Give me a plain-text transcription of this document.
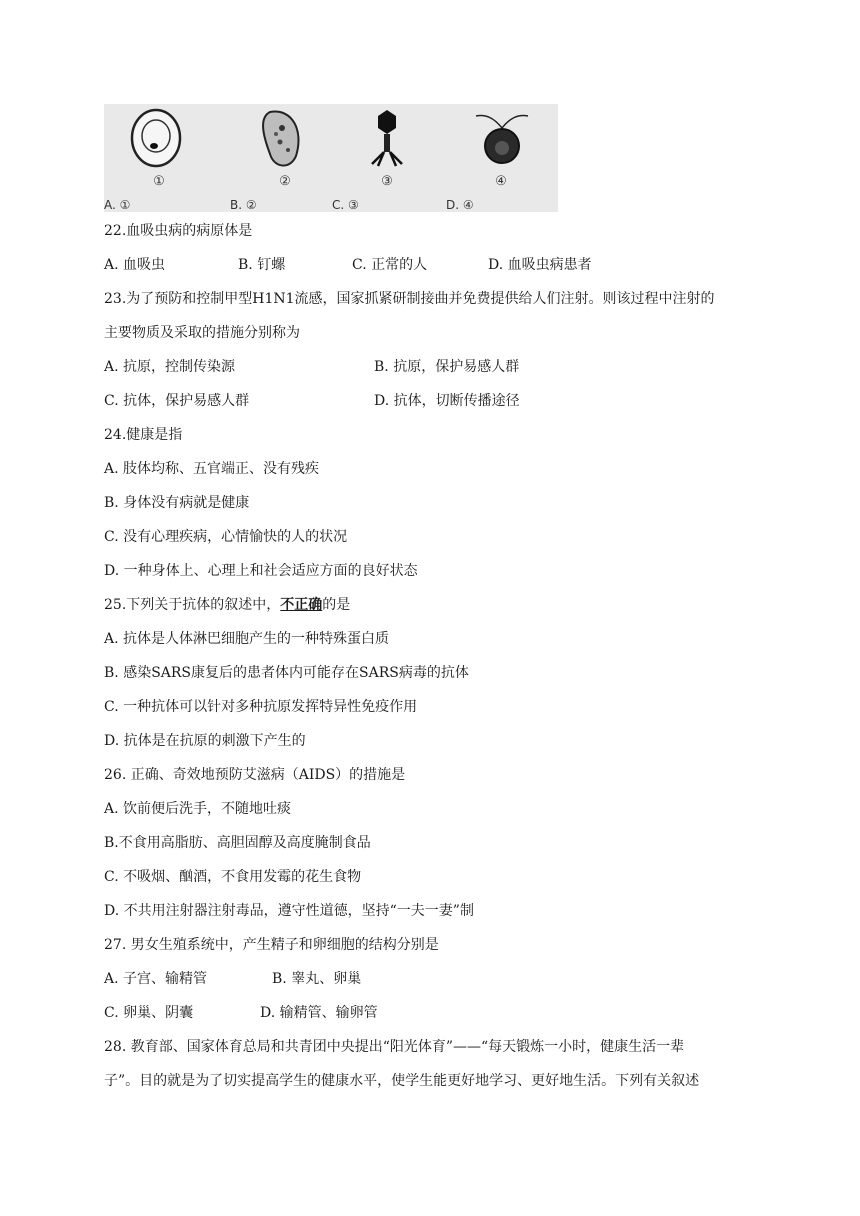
①
A. ①
②
B. ②
③
C. ③
④
D. ④
22.血吸虫病的病原体是
A. 血吸虫	B. 钉螺	C. 正常的人	D. 血吸虫病患者
23.为了预防和控制甲型H1N1流感，国家抓紧研制接曲并免费提供给人们注射。则该过程中注射的
主要物质及采取的措施分别称为
A. 抗原，控制传染源	B. 抗原，保护易感人群
C. 抗体，保护易感人群	D. 抗体，切断传播途径
24.健康是指
A. 肢体均称、五官端正、没有残疾
B. 身体没有病就是健康
C. 没有心理疾病，心情愉快的人的状况
D. 一种身体上、心理上和社会适应方面的良好状态
25.下列关于抗体的叙述中，不正确的是
A. 抗体是人体淋巴细胞产生的一种特殊蛋白质
B. 感染SARS康复后的患者体内可能存在SARS病毒的抗体
C. 一种抗体可以针对多种抗原发挥特异性免疫作用
D. 抗体是在抗原的刺激下产生的
26. 正确、奇效地预防艾滋病（AIDS）的措施是
A. 饮前便后洗手，不随地吐痰
B.不食用高脂肪、高胆固醇及高度腌制食品
C. 不吸烟、酗酒，不食用发霉的花生食物
D. 不共用注射器注射毒品，遵守性道德，坚持“一夫一妻”制
27. 男女生殖系统中，产生精子和卵细胞的结构分别是
A. 子宫、输精管	B. 睾丸、卵巢
C. 卵巢、阴囊	D. 输精管、输卵管
28. 教育部、国家体育总局和共青团中央提出“阳光体育”——“每天锻炼一小时，健康生活一辈
子”。目的就是为了切实提高学生的健康水平，使学生能更好地学习、更好地生活。下列有关叙述
